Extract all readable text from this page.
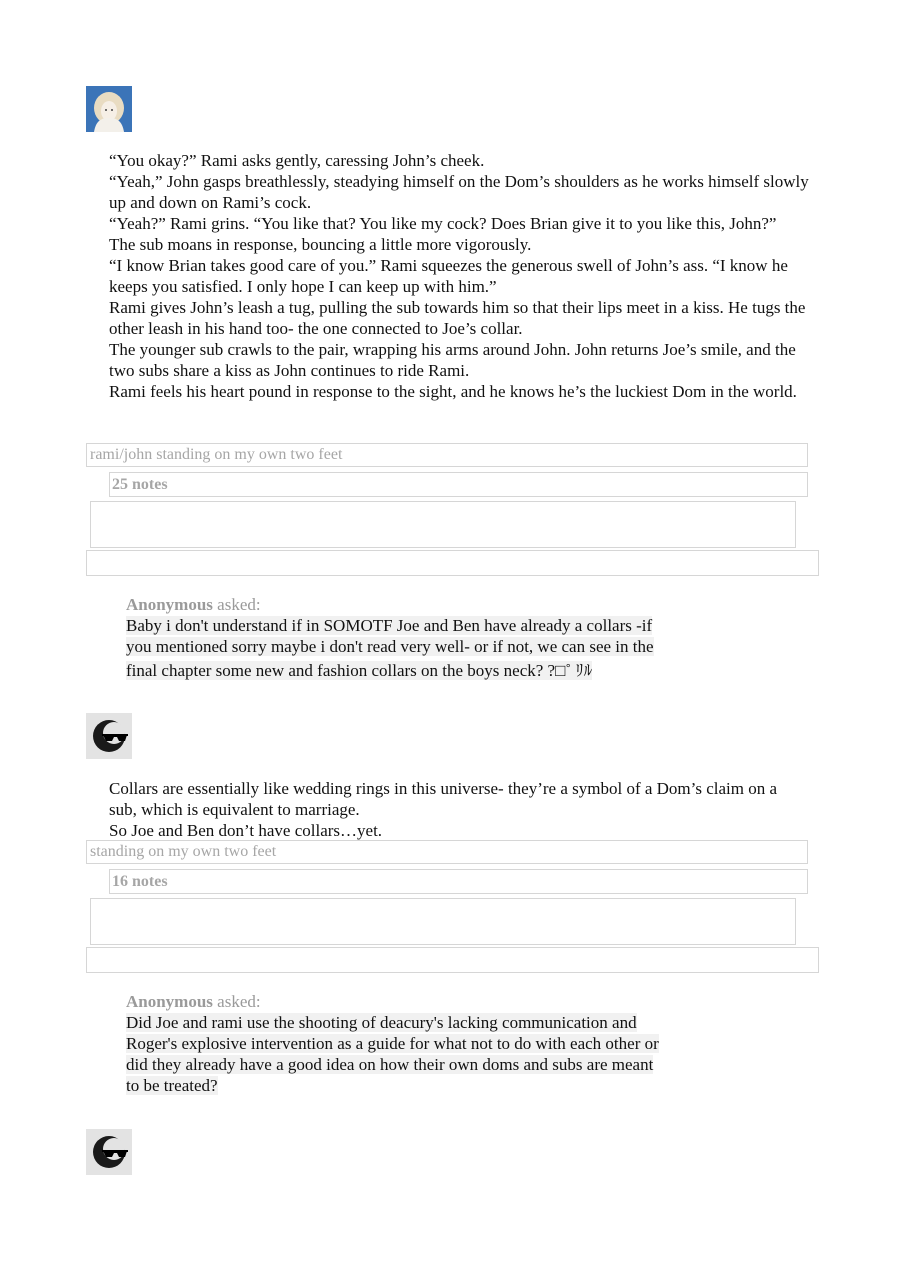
“You okay?” Rami asks gently, caressing John’s cheek.

“Yeah,” John gasps breathlessly, steadying himself on the Dom’s shoulders as he works himself slowly up and down on Rami’s cock.

“Yeah?” Rami grins. “You like that? You like my cock? Does Brian give it to you like this, John?”

The sub moans in response, bouncing a little more vigorously.

“I know Brian takes good care of you.” Rami squeezes the generous swell of John’s ass. “I know he keeps you satisfied. I only hope I can keep up with him.”

Rami gives John’s leash a tug, pulling the sub towards him so that their lips meet in a kiss. He tugs the other leash in his hand too- the one connected to Joe’s collar.

The younger sub crawls to the pair, wrapping his arms around John. John returns Joe’s smile, and the two subs share a kiss as John continues to ride Rami.

Rami feels his heart pound in response to the sight, and he knows he’s the luckiest Dom in the world.

rami/john standing on my own two feet
25 notes
Anonymous asked:

Baby i don't understand if in SOMOTF Joe and Ben have already a collars -if

you mentioned sorry maybe i don't read very well- or if not, we can see in the

final chapter some new and fashion collars on the boys neck? ?□˚ ﾘﾙ

Collars are essentially like wedding rings in this universe- they’re a symbol of a Dom’s claim on a sub, which is equivalent to marriage.

So Joe and Ben don’t have collars…yet.

standing on my own two feet
16 notes
Anonymous asked:

Did Joe and rami use the shooting of deacury's lacking communication and

Roger's explosive intervention as a guide for what not to do with each other or

did they already have a good idea on how their own doms and subs are meant

to be treated?
